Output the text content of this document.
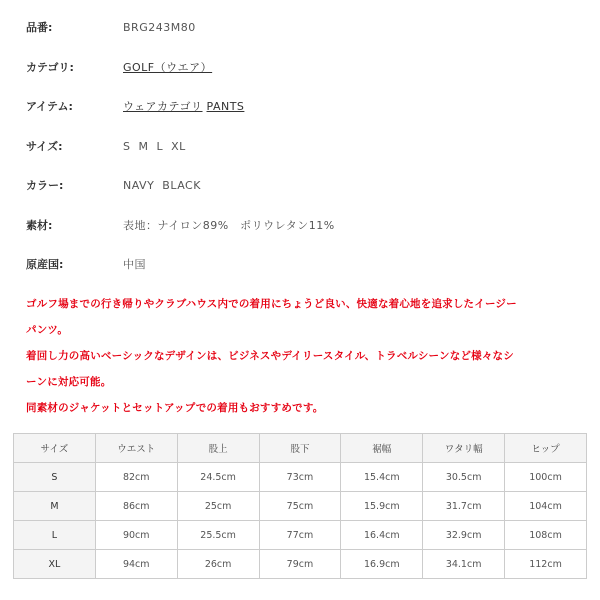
品番:	BRG243M80
カテゴリ:	GOLF（ウエア）
アイテム:	ウェアカテゴリ PANTS
サイズ:	S  M  L  XL
カラー:	NAVY  BLACK
素材:	表地：ナイロン89%　ポリウレタン11%
原産国:	中国

ゴルフ場までの行き帰りやクラブハウス内での着用にちょうど良い、快適な着心地を追求したイージー

パンツ。

着回し力の高いベーシックなデザインは、ビジネスやデイリースタイル、トラベルシーンなど様々なシ

ーンに対応可能。

同素材のジャケットとセットアップでの着用もおすすめです。

サイズ	ウエスト	股上	股下	裾幅	ワタリ幅	ヒップ
S	82cm	24.5cm	73cm	15.4cm	30.5cm	100cm
M	86cm	25cm	75cm	15.9cm	31.7cm	104cm
L	90cm	25.5cm	77cm	16.4cm	32.9cm	108cm
XL	94cm	26cm	79cm	16.9cm	34.1cm	112cm
